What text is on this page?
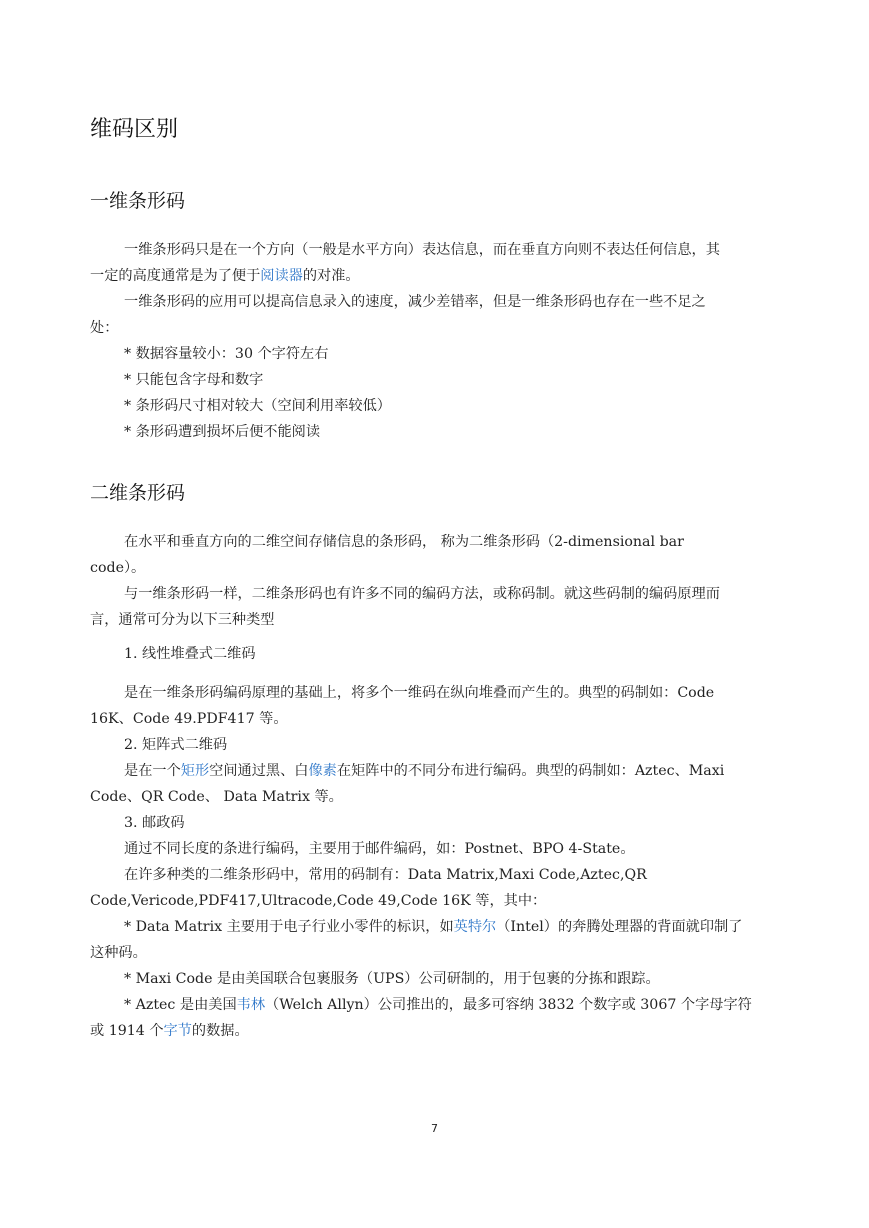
维码区别
一维条形码
一维条形码只是在一个方向（一般是水平方向）表达信息，而在垂直方向则不表达任何信息，其
一定的高度通常是为了便于阅读器的对准。
一维条形码的应用可以提高信息录入的速度，减少差错率，但是一维条形码也存在一些不足之
处：
* 数据容量较小：30 个字符左右
* 只能包含字母和数字
* 条形码尺寸相对较大（空间利用率较低）
* 条形码遭到损坏后便不能阅读
二维条形码
在水平和垂直方向的二维空间存储信息的条形码， 称为二维条形码（2-dimensional bar
code）。
与一维条形码一样，二维条形码也有许多不同的编码方法，或称码制。就这些码制的编码原理而
言，通常可分为以下三种类型
1. 线性堆叠式二维码
是在一维条形码编码原理的基础上，将多个一维码在纵向堆叠而产生的。典型的码制如：Code
16K、Code 49.PDF417 等。
2. 矩阵式二维码
是在一个矩形空间通过黑、白像素在矩阵中的不同分布进行编码。典型的码制如：Aztec、Maxi
Code、QR Code、 Data Matrix 等。
3. 邮政码
通过不同长度的条进行编码，主要用于邮件编码，如：Postnet、BPO 4-State。
在许多种类的二维条形码中，常用的码制有：Data Matrix,Maxi Code,Aztec,QR
Code,Vericode,PDF417,Ultracode,Code 49,Code 16K 等，其中：
* Data Matrix 主要用于电子行业小零件的标识，如英特尔（Intel）的奔腾处理器的背面就印制了
这种码。
* Maxi Code 是由美国联合包裹服务（UPS）公司研制的，用于包裹的分拣和跟踪。
* Aztec 是由美国韦林（Welch Allyn）公司推出的，最多可容纳 3832 个数字或 3067 个字母字符
或 1914 个字节的数据。
7
